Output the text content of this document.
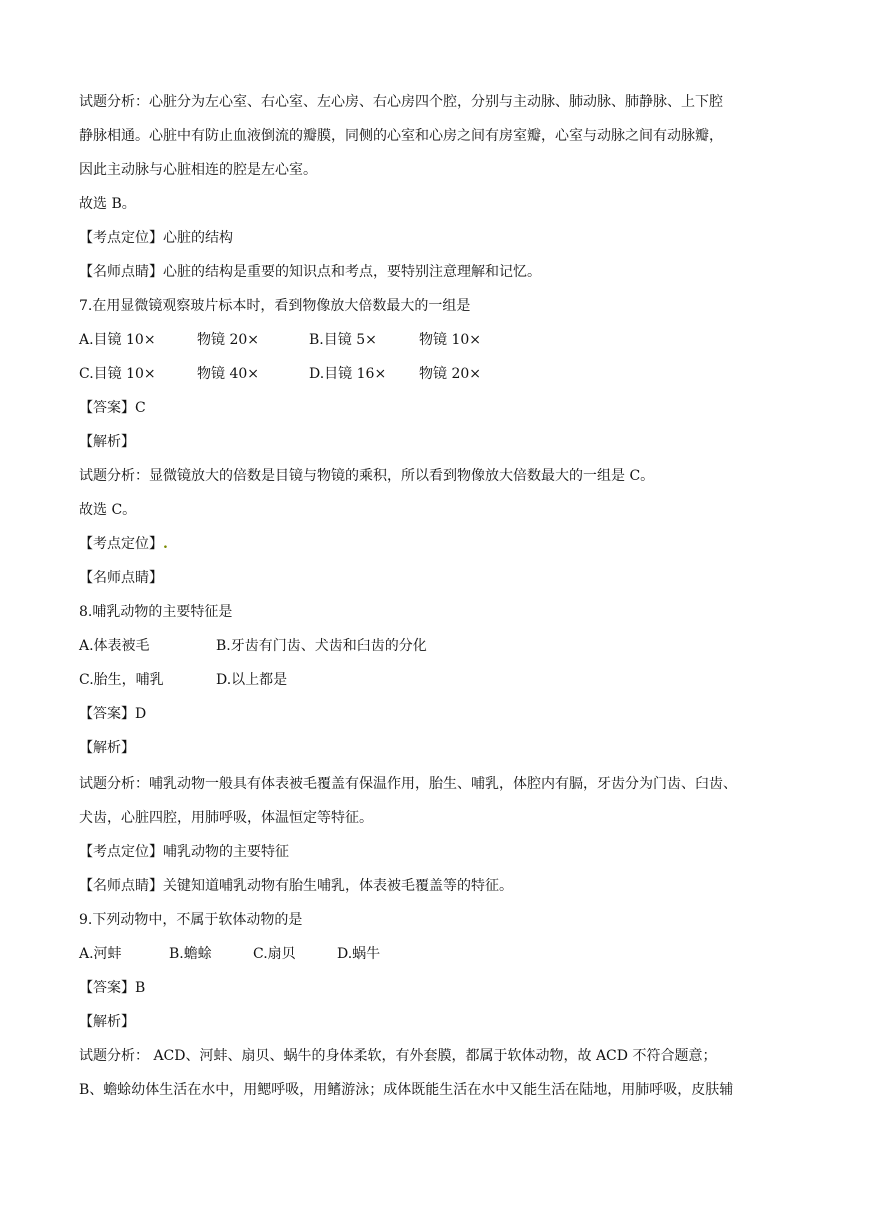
试题分析：心脏分为左心室、右心室、左心房、右心房四个腔，分别与主动脉、肺动脉、肺静脉、上下腔
静脉相通。心脏中有防止血液倒流的瓣膜，同侧的心室和心房之间有房室瓣，心室与动脉之间有动脉瓣，
因此主动脉与心脏相连的腔是左心室。
故选 B。
【考点定位】心脏的结构
【名师点睛】心脏的结构是重要的知识点和考点，要特别注意理解和记忆。
7.在用显微镜观察玻片标本时，看到物像放大倍数最大的一组是
A.目镜 10×	物镜 20×	B.目镜 5×	物镜 10×
C.目镜 10×	物镜 40×	D.目镜 16× 物镜 20×
【答案】C
【解析】
试题分析：显微镜放大的倍数是目镜与物镜的乘积，所以看到物像放大倍数最大的一组是 C。
故选 C。
【考点定位】.
【名师点睛】
8.哺乳动物的主要特征是
A.体表被毛	B.牙齿有门齿、犬齿和臼齿的分化
C.胎生，哺乳	D.以上都是
【答案】D
【解析】
试题分析：哺乳动物一般具有体表被毛覆盖有保温作用，胎生、哺乳，体腔内有膈，牙齿分为门齿、臼齿、
犬齿，心脏四腔，用肺呼吸，体温恒定等特征。
【考点定位】哺乳动物的主要特征
【名师点睛】关键知道哺乳动物有胎生哺乳，体表被毛覆盖等的特征。
9.下列动物中，不属于软体动物的是
A.河蚌	B.蟾蜍	C.扇贝	D.蜗牛
【答案】B
【解析】
试题分析： ACD、河蚌、扇贝、蜗牛的身体柔软，有外套膜，都属于软体动物，故 ACD 不符合题意；
B、蟾蜍幼体生活在水中，用鳃呼吸，用鳍游泳；成体既能生活在水中又能生活在陆地，用肺呼吸，皮肤辅
